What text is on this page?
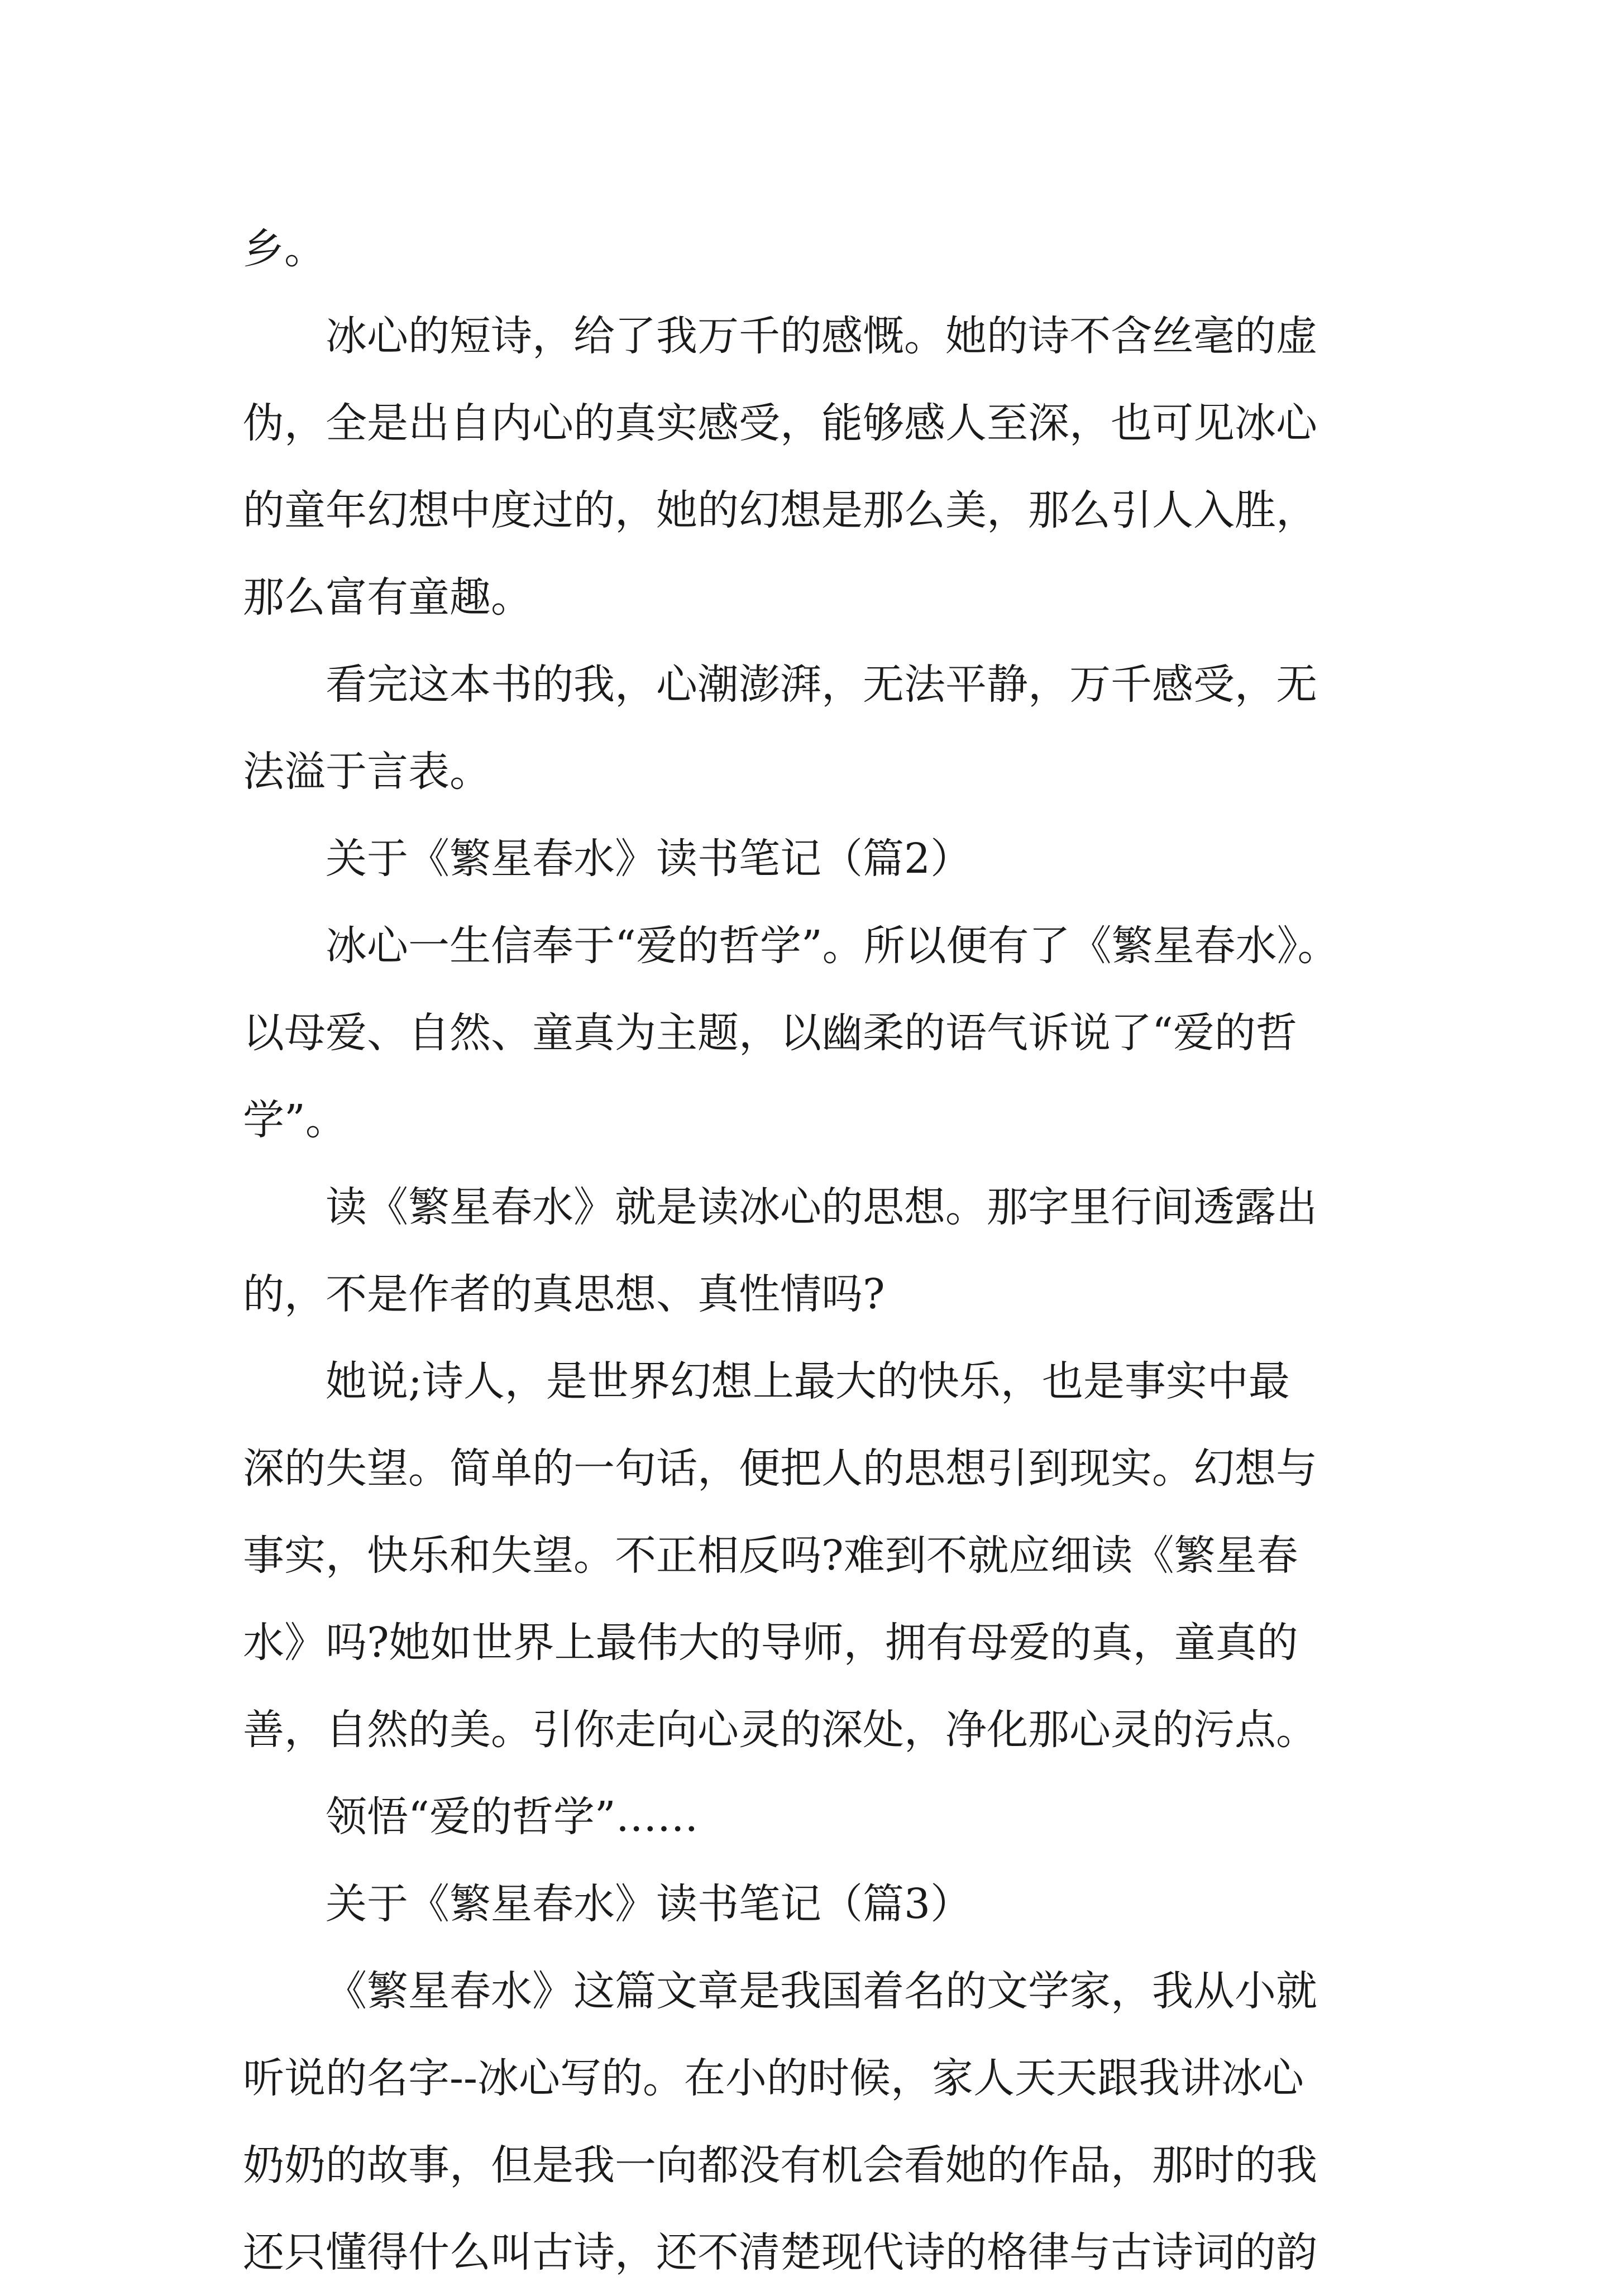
乡。
冰心的短诗，给了我万千的感慨。她的诗不含丝毫的虚
伪，全是出自内心的真实感受，能够感人至深，也可见冰心
的童年幻想中度过的，她的幻想是那么美，那么引人入胜，
那么富有童趣。
看完这本书的我，心潮澎湃，无法平静，万千感受，无
法溢于言表。
关于《繁星春水》读书笔记（篇2）
冰心一生信奉于“爱的哲学”。所以便有了《繁星春水》。
以母爱、自然、童真为主题，以幽柔的语气诉说了“爱的哲
学”。
读《繁星春水》就是读冰心的思想。那字里行间透露出
的，不是作者的真思想、真性情吗?
她说;诗人，是世界幻想上最大的快乐，也是事实中最
深的失望。简单的一句话，便把人的思想引到现实。幻想与
事实，快乐和失望。不正相反吗?难到不就应细读《繁星春
水》吗?她如世界上最伟大的导师，拥有母爱的真，童真的
善，自然的美。引你走向心灵的深处，净化那心灵的污点。
领悟“爱的哲学”……
关于《繁星春水》读书笔记（篇3）
《繁星春水》这篇文章是我国着名的文学家，我从小就
听说的名字--冰心写的。在小的时候，家人天天跟我讲冰心
奶奶的故事，但是我一向都没有机会看她的作品，那时的我
还只懂得什么叫古诗，还不清楚现代诗的格律与古诗词的韵
